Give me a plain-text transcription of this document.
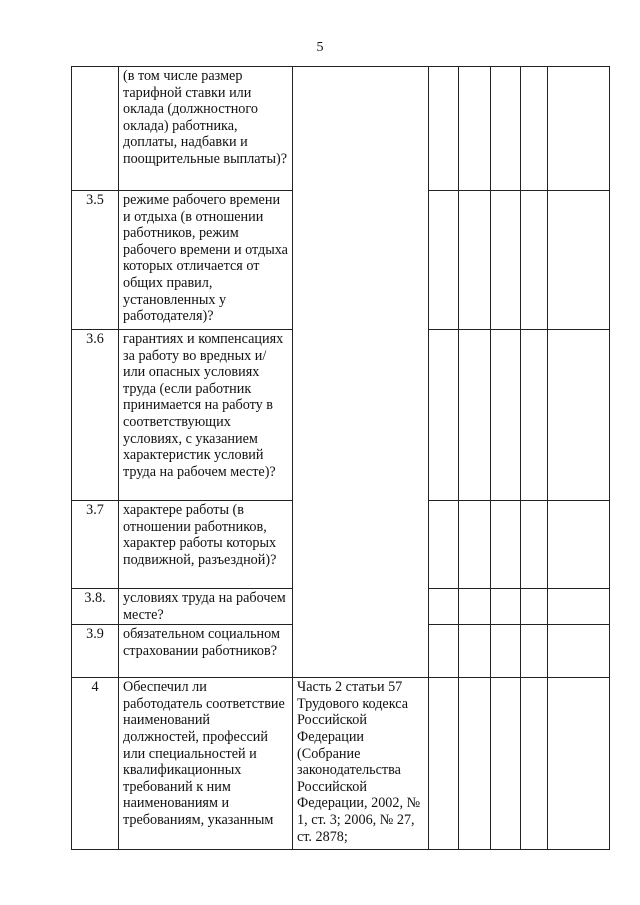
5
	(в том числе размер тарифной ставки или оклада (должностного оклада) работника, доплаты, надбавки и поощрительные выплаты)?						
3.5	режиме рабочего времени и отдыха (в отношении работников, режим рабочего времени и отдыха которых отличается от общих правил, установленных у работодателя)?						
3.6	гарантиях и компенсациях за работу во вредных и/или опасных условиях труда (если работник принимается на работу в соответствующих условиях, с указанием характеристик условий труда на рабочем месте)?						
3.7	характере работы (в отношении работников, характер работы которых подвижной, разъездной)?						
3.8.	условиях труда на рабочем месте?						
3.9	обязательном социальном страховании работников?						
4	Обеспечил ли работодатель соответствие наименований должностей, профессий или специальностей и квалификационных требований к ним наименованиям и требованиям, указанным	Часть 2 статьи 57 Трудового кодекса Российской Федерации (Собрание законодательства Российской Федерации, 2002, № 1, ст. 3; 2006, № 27, ст. 2878;					
